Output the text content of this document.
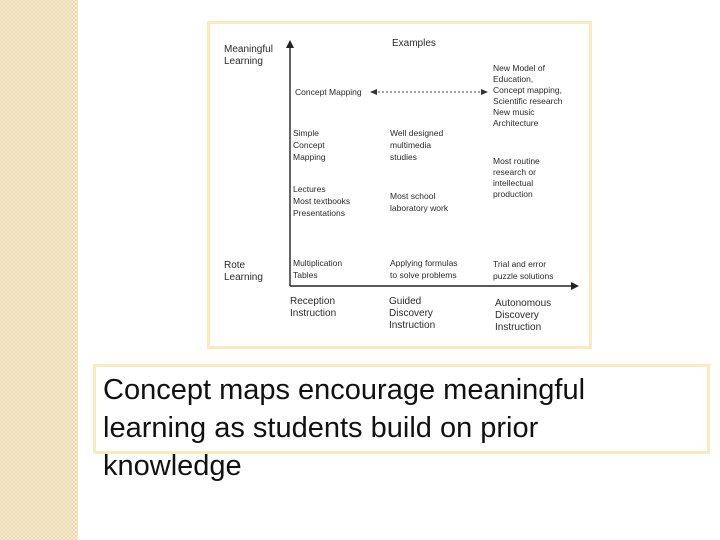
Examples
Meaningful Learning
Rote Learning
Concept Mapping
Simple Concept Mapping
Lectures Most textbooks Presentations
Multiplication Tables
Well designed multimedia studies
Most school laboratory work
Applying formulas to solve problems
New Model of Education, Concept mapping, Scientific research New music Architecture
Most routine research or intellectual production
Trial and error puzzle solutions
Reception Instruction
Guided Discovery Instruction
Autonomous Discovery Instruction

Concept maps encourage meaningful
learning as students build on prior
knowledge
